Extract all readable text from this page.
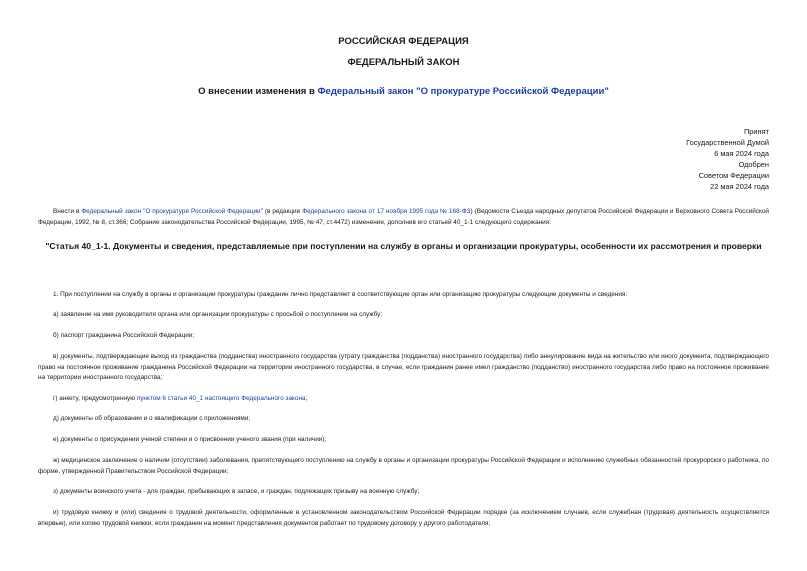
РОССИЙСКАЯ ФЕДЕРАЦИЯ
ФЕДЕРАЛЬНЫЙ ЗАКОН
О внесении изменения в Федеральный закон "О прокуратуре Российской Федерации"
Принят
Государственной Думой
6 мая 2024 года
Одобрен
Советом Федерации
22 мая 2024 года
Внести в Федеральный закон "О прокуратуре Российской Федерации" (в редакции Федерального закона от 17 ноября 1995 года № 168-ФЗ) (Ведомости Съезда народных депутатов Российской Федерации и Верховного Совета Российской Федерации, 1992, № 8, ст.366; Собрание законодательства Российской Федерации, 1995, № 47, ст.4472) изменение, дополнив его статьей 40_1-1 следующего содержания:
"Статья 40_1-1. Документы и сведения, представляемые при поступлении на службу в органы и организации прокуратуры, особенности их рассмотрения и проверки
1. При поступлении на службу в органы и организации прокуратуры гражданин лично представляет в соответствующие орган или организацию прокуратуры следующие документы и сведения:
а) заявление на имя руководителя органа или организации прокуратуры с просьбой о поступлении на службу;
б) паспорт гражданина Российской Федерации;
в) документы, подтверждающие выход из гражданства (подданства) иностранного государства (утрату гражданства (подданства) иностранного государства) либо аннулирование вида на жительство или иного документа, подтверждающего право на постоянное проживание гражданина Российской Федерации на территории иностранного государства, в случае, если гражданин ранее имел гражданство (подданство) иностранного государства либо право на постоянное проживание на территории иностранного государства;
г) анкету, предусмотренную пунктом 6 статьи 40_1 настоящего Федерального закона;
д) документы об образовании и о квалификации с приложениями;
е) документы о присуждении ученой степени и о присвоении ученого звания (при наличии);
ж) медицинское заключение о наличии (отсутствии) заболевания, препятствующего поступлению на службу в органы и организации прокуратуры Российской Федерации и исполнению служебных обязанностей прокурорского работника, по форме, утвержденной Правительством Российской Федерации;
з) документы воинского учета - для граждан, пребывающих в запасе, и граждан, подлежащих призыву на военную службу;
и) трудовую книжку и (или) сведения о трудовой деятельности, оформленные в установленном законодательством Российской Федерации порядке (за исключением случаев, если служебная (трудовая) деятельность осуществляется впервые), или копию трудовой книжки, если гражданин на момент представления документов работает по трудовому договору у другого работодателя;
